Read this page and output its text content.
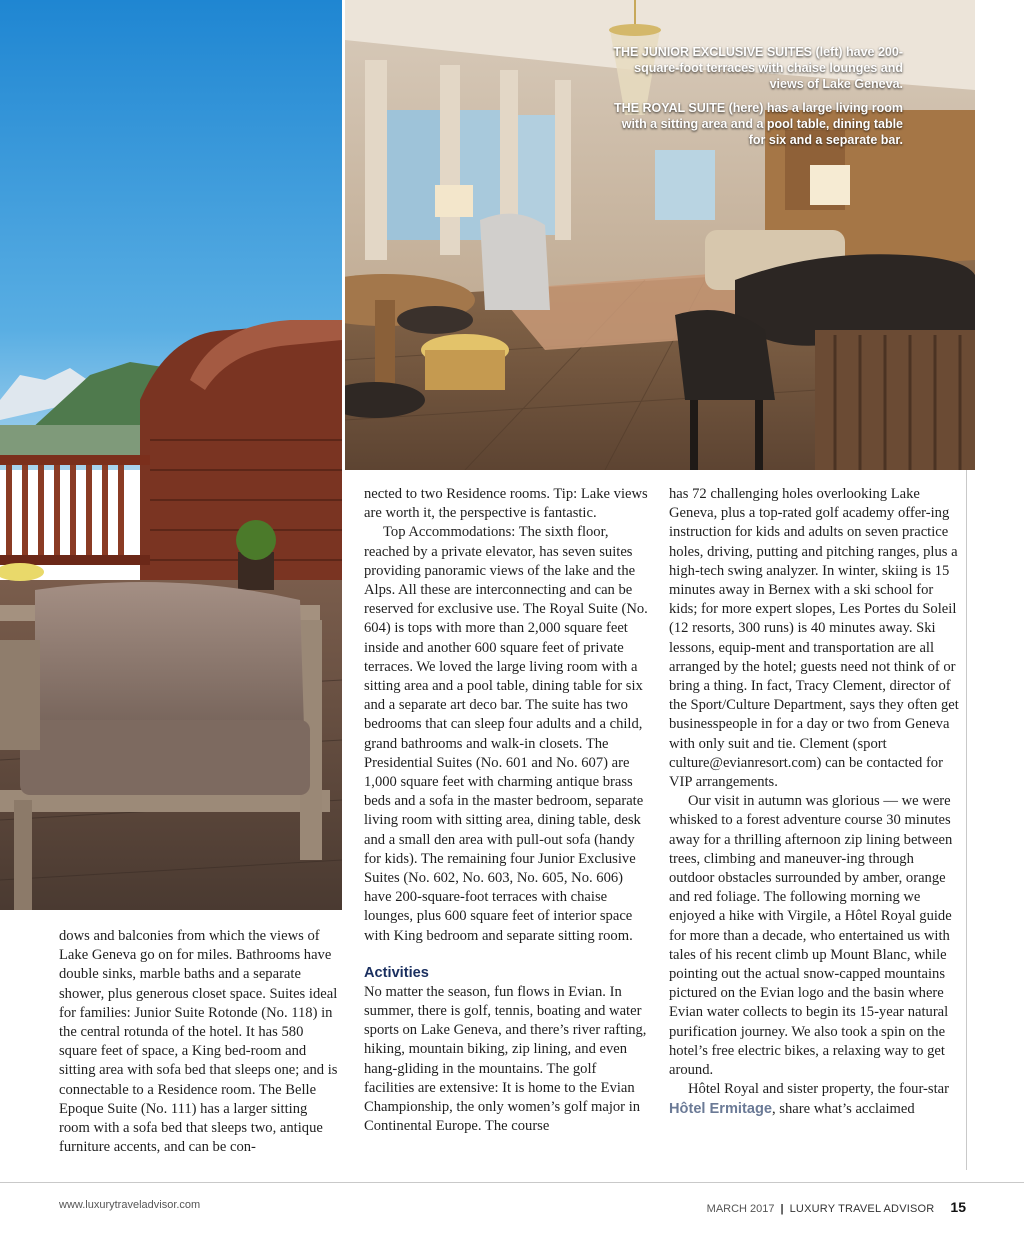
THE JUNIOR EXCLUSIVE SUITES (left) have 200-square-foot terraces with chaise lounges and views of Lake Geneva.

THE ROYAL SUITE (here) has a large living room with a sitting area and a pool table, dining table for six and a separate bar.

dows and balconies from which the views of Lake Geneva go on for miles. Bathrooms have double sinks, marble baths and a separate shower, plus generous closet space. Suites ideal for families: Junior Suite Rotonde (No. 118) in the central rotunda of the hotel. It has 580 square feet of space, a King bed-room and sitting area with sofa bed that sleeps one; and is connectable to a Residence room. The Belle Epoque Suite (No. 111) has a larger sitting room with a sofa bed that sleeps two, antique furniture accents, and can be con-

nected to two Residence rooms. Tip: Lake views are worth it, the perspective is fantastic.

Top Accommodations: The sixth floor, reached by a private elevator, has seven suites providing panoramic views of the lake and the Alps. All these are interconnecting and can be reserved for exclusive use. The Royal Suite (No. 604) is tops with more than 2,000 square feet inside and another 600 square feet of private terraces. We loved the large living room with a sitting area and a pool table, dining table for six and a separate art deco bar. The suite has two bedrooms that can sleep four adults and a child, grand bathrooms and walk-in closets. The Presidential Suites (No. 601 and No. 607) are 1,000 square feet with charming antique brass beds and a sofa in the master bedroom, separate living room with sitting area, dining table, desk and a small den area with pull-out sofa (handy for kids). The remaining four Junior Exclusive Suites (No. 602, No. 603, No. 605, No. 606) have 200-square-foot terraces with chaise lounges, plus 600 square feet of interior space with King bedroom and separate sitting room.

Activities

No matter the season, fun flows in Evian. In summer, there is golf, tennis, boating and water sports on Lake Geneva, and there’s river rafting, hiking, mountain biking, zip lining, and even hang-gliding in the mountains. The golf facilities are extensive: It is home to the Evian Championship, the only women’s golf major in Continental Europe. The course

has 72 challenging holes overlooking Lake Geneva, plus a top-rated golf academy offer-ing instruction for kids and adults on seven practice holes, driving, putting and pitching ranges, plus a high-tech swing analyzer. In winter, skiing is 15 minutes away in Bernex with a ski school for kids; for more expert slopes, Les Portes du Soleil (12 resorts, 300 runs) is 40 minutes away. Ski lessons, equip-ment and transportation are all arranged by the hotel; guests need not think of or bring a thing. In fact, Tracy Clement, director of the Sport/Culture Department, says they often get businesspeople in for a day or two from Geneva with only suit and tie. Clement (sport culture@evianresort.com) can be contacted for VIP arrangements.

Our visit in autumn was glorious — we were whisked to a forest adventure course 30 minutes away for a thrilling afternoon zip lining between trees, climbing and maneuver-ing through outdoor obstacles surrounded by amber, orange and red foliage. The following morning we enjoyed a hike with Virgile, a Hôtel Royal guide for more than a decade, who entertained us with tales of his recent climb up Mount Blanc, while pointing out the actual snow-capped mountains pictured on the Evian logo and the basin where Evian water collects to begin its 15-year natural purification journey. We also took a spin on the hotel’s free electric bikes, a relaxing way to get around.

Hôtel Royal and sister property, the four-star Hôtel Ermitage, share what’s acclaimed

www.luxurytraveladvisor.com	MARCH 2017 | LUXURY TRAVEL ADVISOR 15
